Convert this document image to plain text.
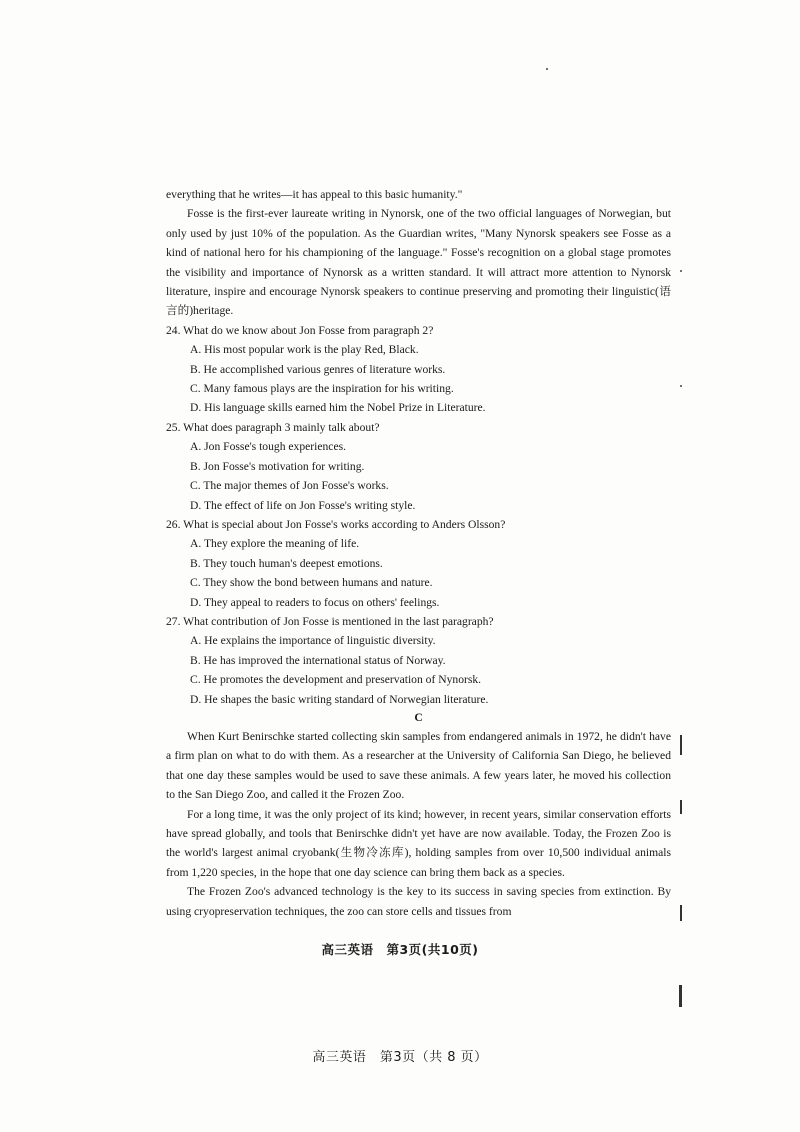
everything that he writes—it has appeal to this basic humanity."

Fosse is the first-ever laureate writing in Nynorsk, one of the two official languages of Norwegian, but only used by just 10% of the population. As the Guardian writes, "Many Nynorsk speakers see Fosse as a kind of national hero for his championing of the language." Fosse's recognition on a global stage promotes the visibility and importance of Nynorsk as a written standard. It will attract more attention to Nynorsk literature, inspire and encourage Nynorsk speakers to continue preserving and promoting their linguistic(语言的)heritage.

24. What do we know about Jon Fosse from paragraph 2?

A. His most popular work is the play Red, Black.

B. He accomplished various genres of literature works.

C. Many famous plays are the inspiration for his writing.

D. His language skills earned him the Nobel Prize in Literature.

25. What does paragraph 3 mainly talk about?

A. Jon Fosse's tough experiences.

B. Jon Fosse's motivation for writing.

C. The major themes of Jon Fosse's works.

D. The effect of life on Jon Fosse's writing style.

26. What is special about Jon Fosse's works according to Anders Olsson?

A. They explore the meaning of life.

B. They touch human's deepest emotions.

C. They show the bond between humans and nature.

D. They appeal to readers to focus on others' feelings.

27. What contribution of Jon Fosse is mentioned in the last paragraph?

A. He explains the importance of linguistic diversity.

B. He has improved the international status of Norway.

C. He promotes the development and preservation of Nynorsk.

D. He shapes the basic writing standard of Norwegian literature.

C

When Kurt Benirschke started collecting skin samples from endangered animals in 1972, he didn't have a firm plan on what to do with them. As a researcher at the University of California San Diego, he believed that one day these samples would be used to save these animals. A few years later, he moved his collection to the San Diego Zoo, and called it the Frozen Zoo.

For a long time, it was the only project of its kind; however, in recent years, similar conservation efforts have spread globally, and tools that Benirschke didn't yet have are now available. Today, the Frozen Zoo is the world's largest animal cryobank(生物冷冻库), holding samples from over 10,500 individual animals from 1,220 species, in the hope that one day science can bring them back as a species.

The Frozen Zoo's advanced technology is the key to its success in saving species from extinction. By using cryopreservation techniques, the zoo can store cells and tissues from

高三英语　第3页(共10页)
高三英语　第3页（共 8 页）
